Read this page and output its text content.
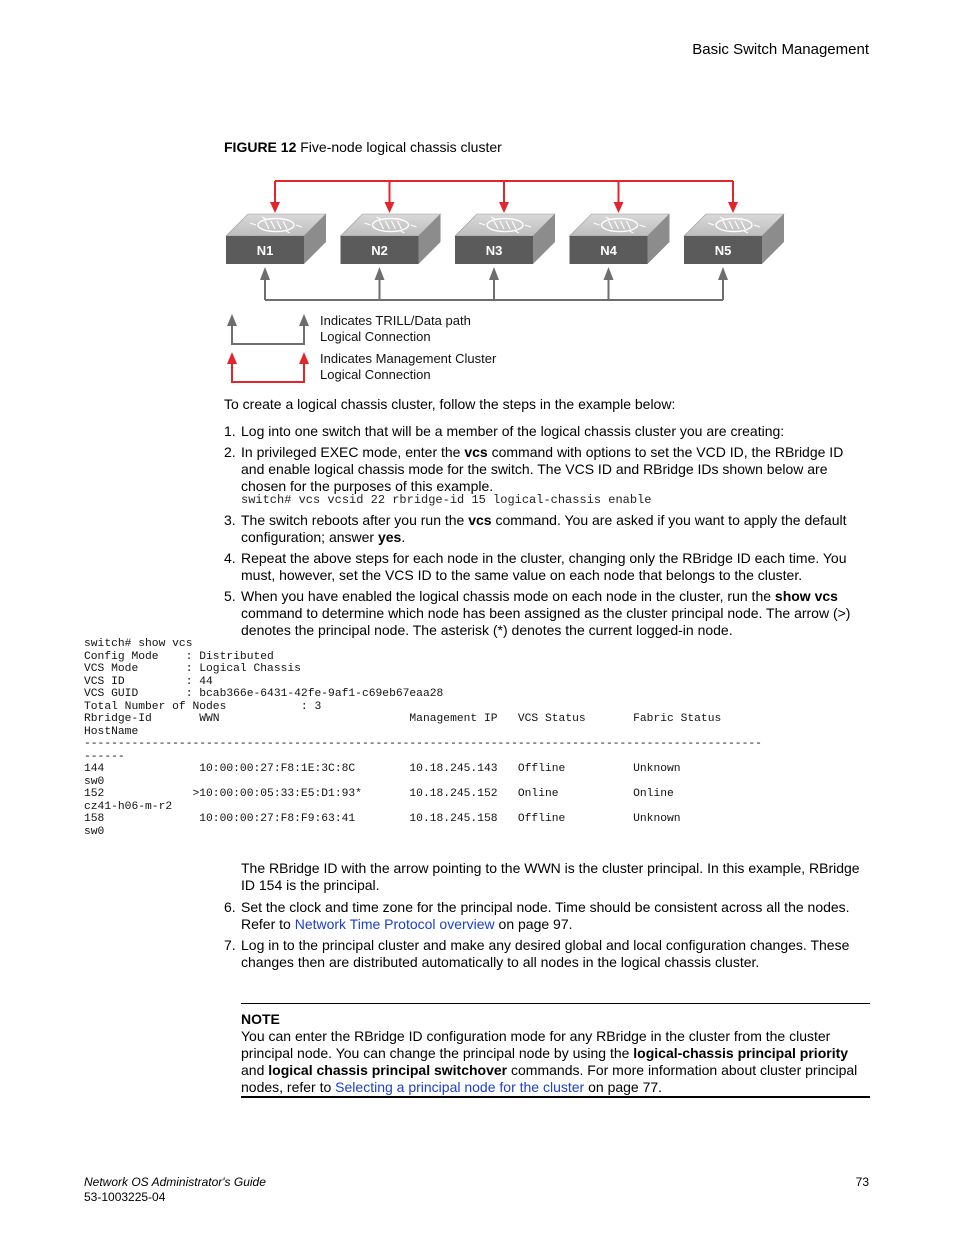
Basic Switch Management
FIGURE 12 Five-node logical chassis cluster
N1	N2	N3	N4	N5
Indicates TRILL/Data path
Logical Connection
Indicates Management Cluster
Logical Connection
To create a logical chassis cluster, follow the steps in the example below:
1. Log into one switch that will be a member of the logical chassis cluster you are creating:
2. In privileged EXEC mode, enter the vcs command with options to set the VCD ID, the RBridge ID and enable logical chassis mode for the switch. The VCS ID and RBridge IDs shown below are chosen for the purposes of this example.
switch# vcs vcsid 22 rbridge-id 15 logical-chassis enable
3. The switch reboots after you run the vcs command. You are asked if you want to apply the default configuration; answer yes.
4. Repeat the above steps for each node in the cluster, changing only the RBridge ID each time. You must, however, set the VCS ID to the same value on each node that belongs to the cluster.
5. When you have enabled the logical chassis mode on each node in the cluster, run the show vcs command to determine which node has been assigned as the cluster principal node. The arrow (>) denotes the principal node. The asterisk (*) denotes the current logged-in node.
switch# show vcs
Config Mode    : Distributed
VCS Mode       : Logical Chassis
VCS ID         : 44
VCS GUID       : bcab366e-6431-42fe-9af1-c69eb67eaa28
Total Number of Nodes           : 3
Rbridge-Id       WWN                            Management IP   VCS Status       Fabric Status
HostName
----------------------------------------------------------------------------------------------------
------
144              10:00:00:27:F8:1E:3C:8C        10.18.245.143   Offline          Unknown
sw0
152             >10:00:00:05:33:E5:D1:93*       10.18.245.152   Online           Online
cz41-h06-m-r2
158              10:00:00:27:F8:F9:63:41        10.18.245.158   Offline          Unknown
sw0
The RBridge ID with the arrow pointing to the WWN is the cluster principal. In this example, RBridge ID 154 is the principal.
6. Set the clock and time zone for the principal node. Time should be consistent across all the nodes. Refer to Network Time Protocol overview on page 97.
7. Log in to the principal cluster and make any desired global and local configuration changes. These changes then are distributed automatically to all nodes in the logical chassis cluster.
NOTE
You can enter the RBridge ID configuration mode for any RBridge in the cluster from the cluster principal node. You can change the principal node by using the logical-chassis principal priority and logical chassis principal switchover commands. For more information about cluster principal nodes, refer to Selecting a principal node for the cluster on page 77.
Network OS Administrator's Guide
53-1003225-04
73
